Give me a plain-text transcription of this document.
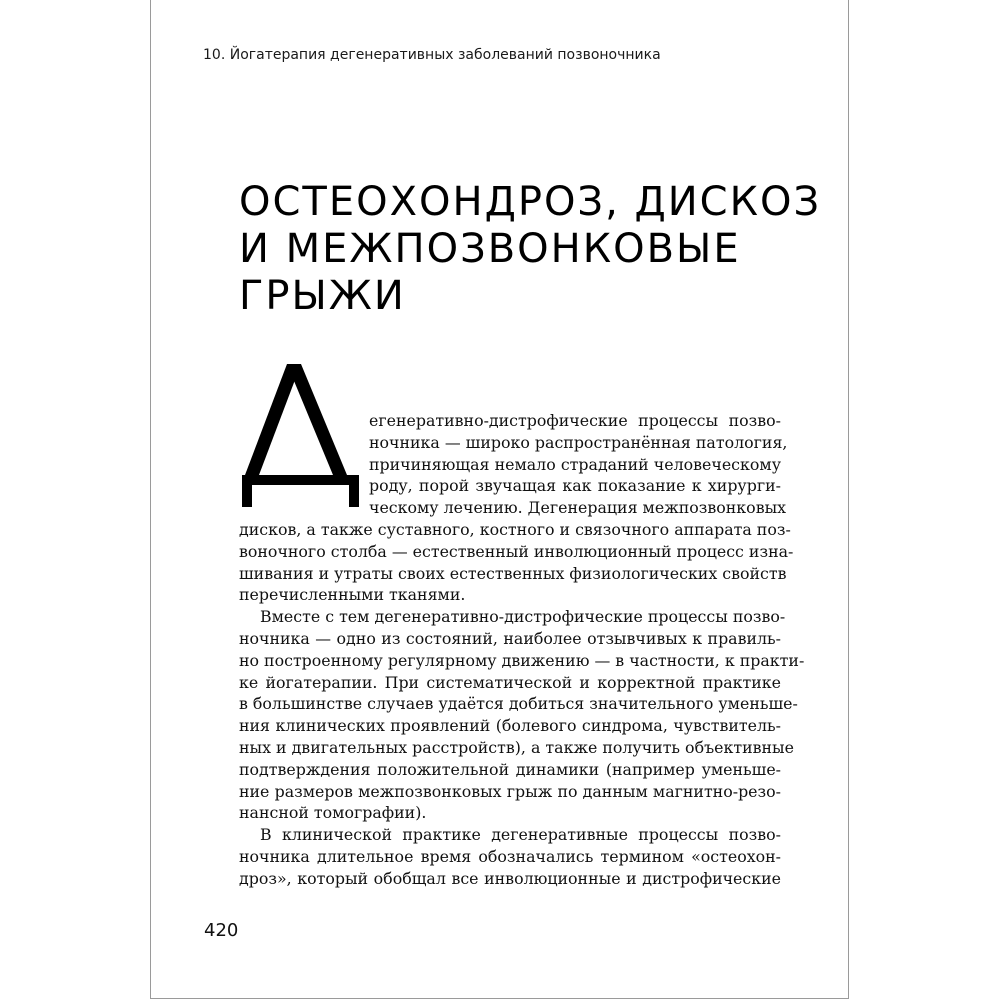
10. Йогатерапия дегенеративных заболеваний позвоночника
ОСТЕОХОНДРОЗ, ДИСКОЗ
И МЕЖПОЗВОНКОВЫЕ
ГРЫЖИ
егенеративно-дистрофические процессы позво-
ночника — широко распространённая патология,
причиняющая немало страданий человеческому
роду, порой звучащая как показание к хирурги-
ческому лечению. Дегенерация межпозвонковых
дисков, а также суставного, костного и связочного аппарата поз-
воночного столба — естественный инволюционный процесс изна-
шивания и утраты своих естественных физиологических свойств
перечисленными тканями.
Вместе с тем дегенеративно-дистрофические процессы позво-
ночника — одно из состояний, наиболее отзывчивых к правиль-
но построенному регулярному движению — в частности, к практи-
ке йогатерапии. При систематической и корректной практике
в большинстве случаев удаётся добиться значительного уменьше-
ния клинических проявлений (болевого синдрома, чувствитель-
ных и двигательных расстройств), а также получить объективные
подтверждения положительной динамики (например уменьше-
ние размеров межпозвонковых грыж по данным магнитно-резо-
нансной томографии).
В клинической практике дегенеративные процессы позво-
ночника длительное время обозначались термином «остеохон-
дроз», который обобщал все инволюционные и дистрофические
420
